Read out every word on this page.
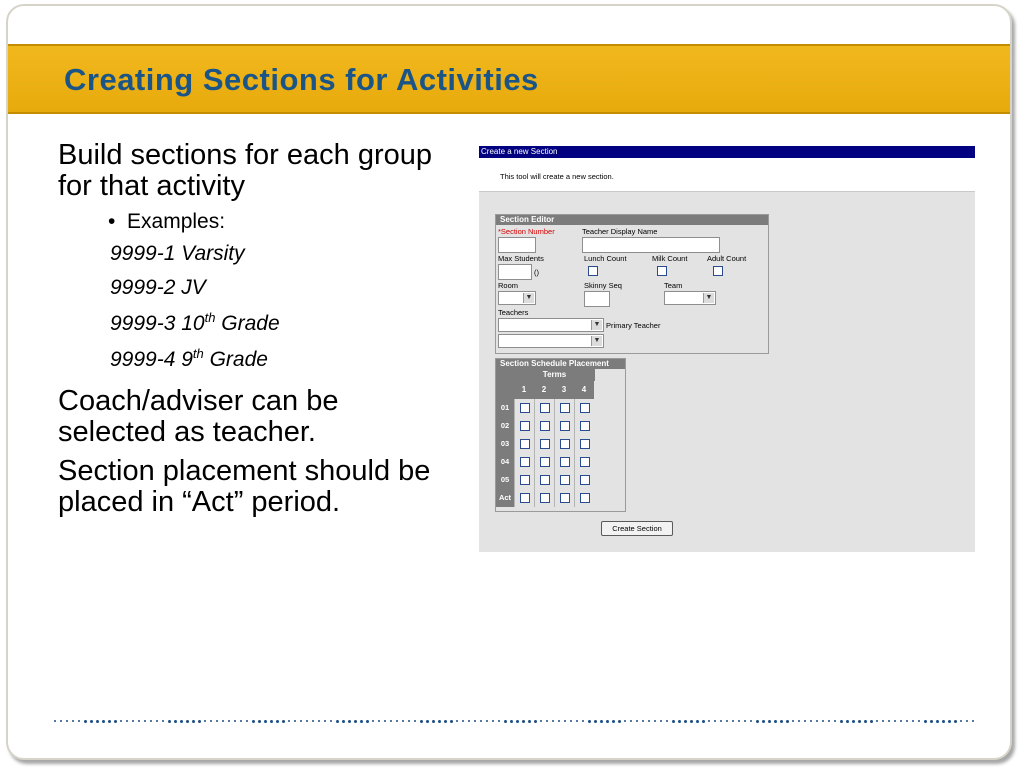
Creating Sections for Activities

Build sections for each group for that activity

•  Examples:

9999-1 Varsity

9999-2 JV

9999-3 10th Grade

9999-4 9th Grade

Coach/adviser can be selected as teacher.

Section placement should be placed in “Act” period.

Create a new Section
This tool will create a new section.
Section Editor
*Section Number	Teacher Display Name
Max Students	Lunch Count	Milk Count	Adult Count
()
Room	Skinny Seq	Team
▼	▼
Teachers
▼ Primary Teacher
▼
Section Schedule Placement
Terms
1	2	3	4
01
02
03
04
05
Act
Create Section
